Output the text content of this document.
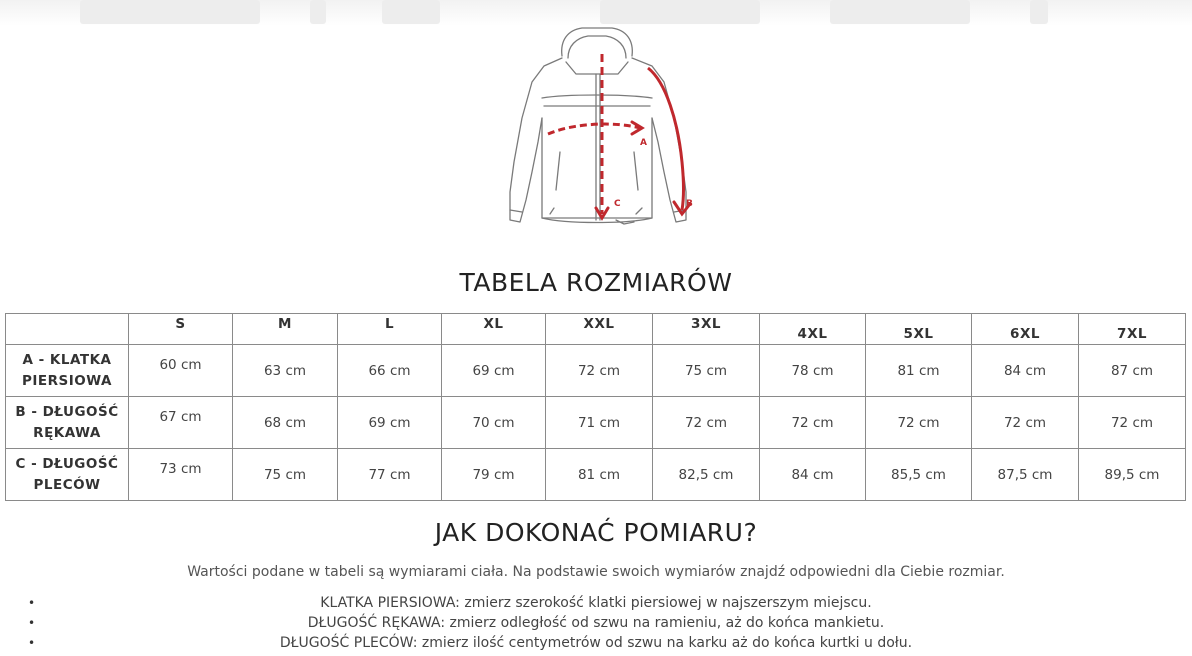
A
C	B
TABELA ROZMIARÓW
	S	M	L	XL	XXL	3XL	4XL	5XL	6XL	7XL
A - KLATKA
PIERSIOWA	60 cm	63 cm	66 cm	69 cm	72 cm	75 cm	78 cm	81 cm	84 cm	87 cm
B - DŁUGOŚĆ
RĘKAWA	67 cm	68 cm	69 cm	70 cm	71 cm	72 cm	72 cm	72 cm	72 cm	72 cm
C - DŁUGOŚĆ
PLECÓW	73 cm	75 cm	77 cm	79 cm	81 cm	82,5 cm	84 cm	85,5 cm	87,5 cm	89,5 cm
JAK DOKONAĆ POMIARU?

Wartości podane w tabeli są wymiarami ciała. Na podstawie swoich wymiarów znajdź odpowiedni dla Ciebie rozmiar.

•	KLATKA PIERSIOWA: zmierz szerokość klatki piersiowej w najszerszym miejscu.
•	DŁUGOŚĆ RĘKAWA: zmierz odległość od szwu na ramieniu, aż do końca mankietu.
•	DŁUGOŚĆ PLECÓW: zmierz ilość centymetrów od szwu na karku aż do końca kurtki u dołu.
